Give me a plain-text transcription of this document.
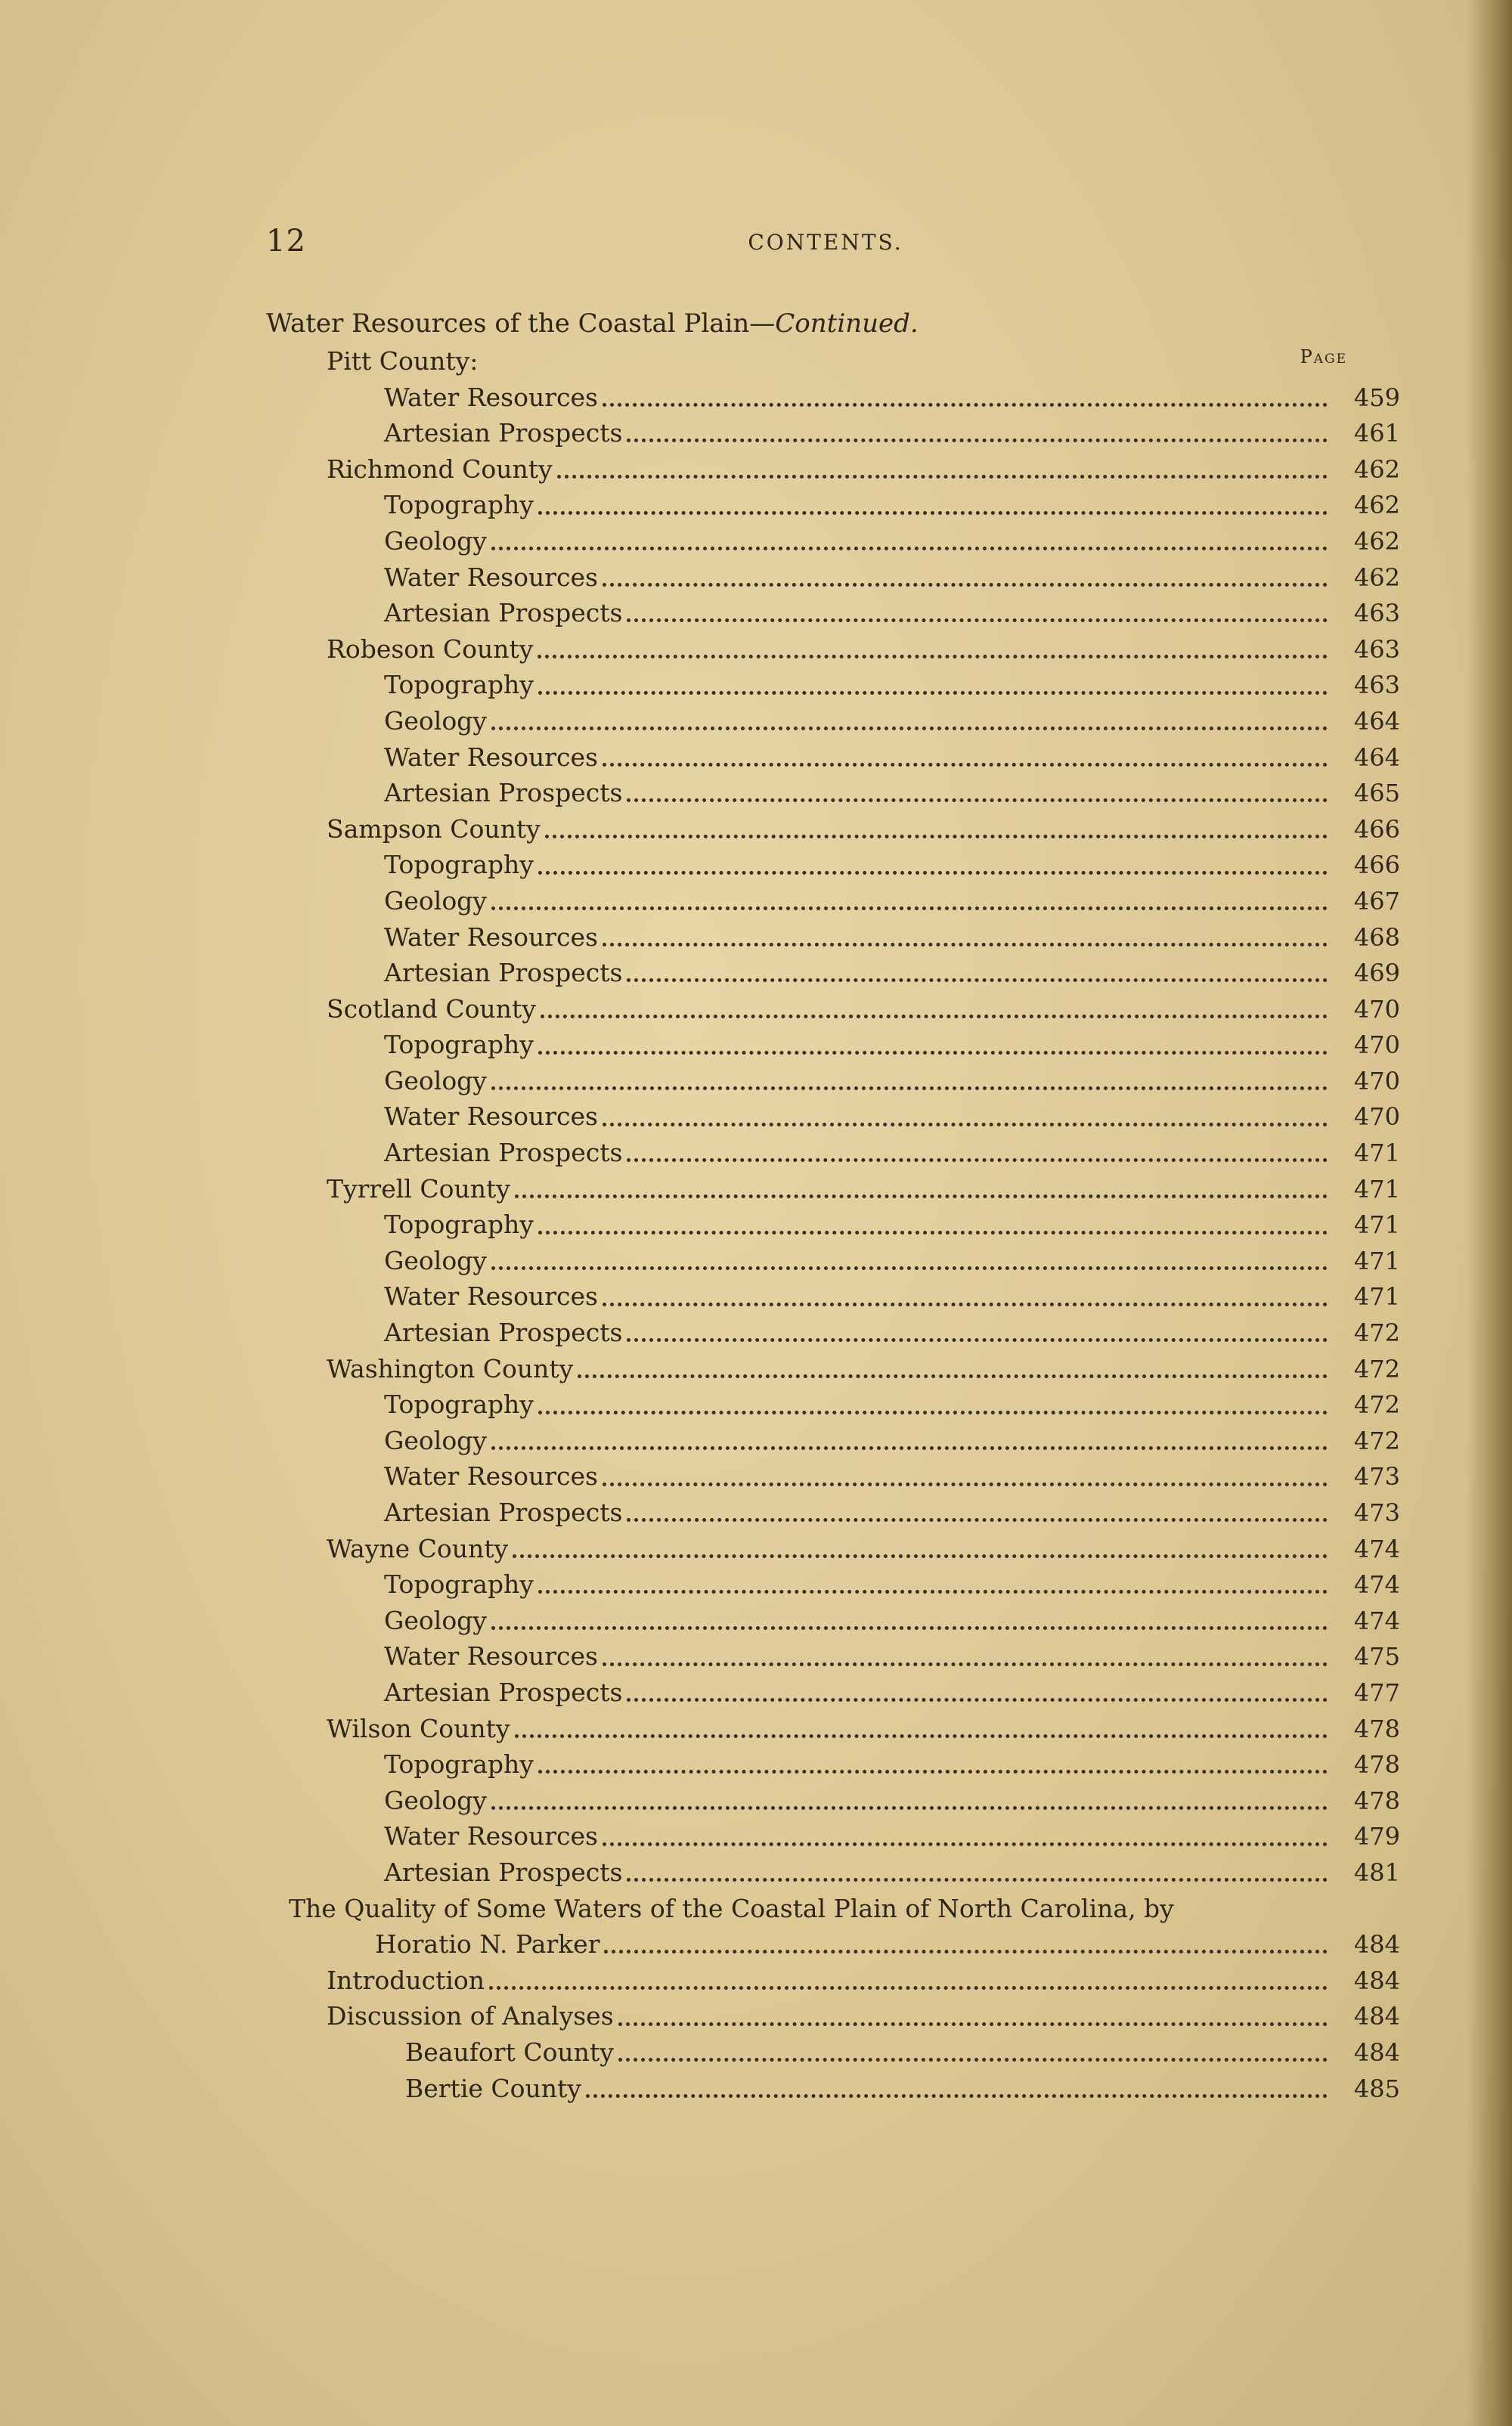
12	CONTENTS.
Water Resources of the Coastal Plain—Continued.
Page
Pitt County:
Water Resources	459
Artesian Prospects	461
Richmond County	462
Topography	462
Geology	462
Water Resources	462
Artesian Prospects	463
Robeson County	463
Topography	463
Geology	464
Water Resources	464
Artesian Prospects	465
Sampson County	466
Topography	466
Geology	467
Water Resources	468
Artesian Prospects	469
Scotland County	470
Topography	470
Geology	470
Water Resources	470
Artesian Prospects	471
Tyrrell County	471
Topography	471
Geology	471
Water Resources	471
Artesian Prospects	472
Washington County	472
Topography	472
Geology	472
Water Resources	473
Artesian Prospects	473
Wayne County	474
Topography	474
Geology	474
Water Resources	475
Artesian Prospects	477
Wilson County	478
Topography	478
Geology	478
Water Resources	479
Artesian Prospects	481
The Quality of Some Waters of the Coastal Plain of North Carolina, by
Horatio N. Parker	484
Introduction	484
Discussion of Analyses	484
Beaufort County	484
Bertie County	485
